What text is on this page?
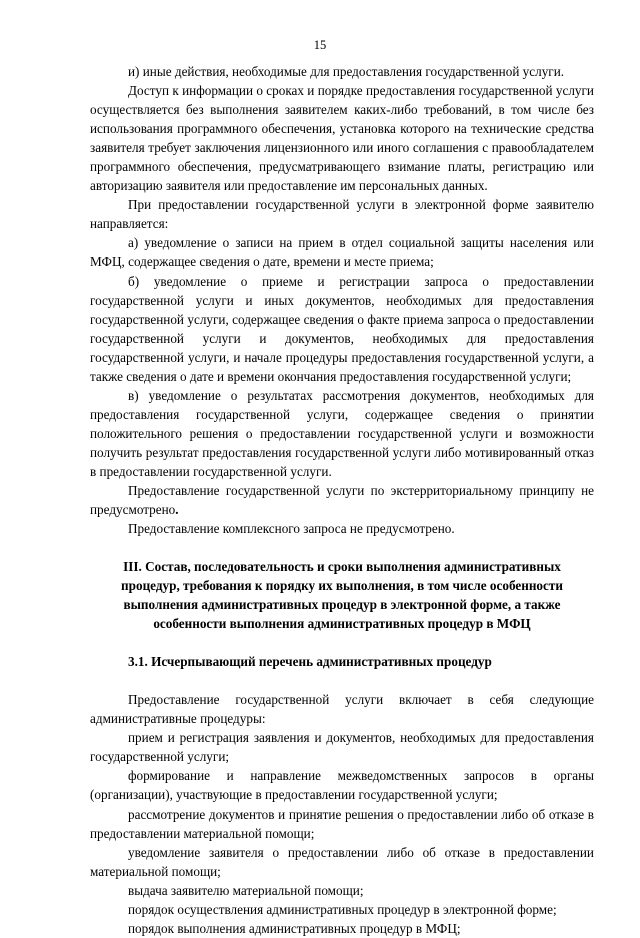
15

и) иные действия, необходимые для предоставления государственной услуги.

Доступ к информации о сроках и порядке предоставления государственной услуги осуществляется без выполнения заявителем каких-либо требований, в том числе без использования программного обеспечения, установка которого на технические средства заявителя требует заключения лицензионного или иного соглашения с правообладателем программного обеспечения, предусматривающего взимание платы, регистрацию или авторизацию заявителя или предоставление им персональных данных.

При предоставлении государственной услуги в электронной форме заявителю направляется:

а) уведомление о записи на прием в отдел социальной защиты населения или МФЦ, содержащее сведения о дате, времени и месте приема;

б) уведомление о приеме и регистрации запроса о предоставлении государственной услуги и иных документов, необходимых для предоставления государственной услуги, содержащее сведения о факте приема запроса о предоставлении государственной услуги и документов, необходимых для предоставления государственной услуги, и начале процедуры предоставления государственной услуги, а также сведения о дате и времени окончания предоставления государственной услуги;

в) уведомление о результатах рассмотрения документов, необходимых для предоставления государственной услуги, содержащее сведения о принятии положительного решения о предоставлении государственной услуги и возможности получить результат предоставления государственной услуги либо мотивированный отказ в предоставлении государственной услуги.

Предоставление государственной услуги по экстерриториальному принципу не предусмотрено.

Предоставление комплексного запроса не предусмотрено.

III. Состав, последовательность и сроки выполнения административных процедур, требования к порядку их выполнения, в том числе особенности выполнения административных процедур в электронной форме, а также особенности выполнения административных процедур в МФЦ

3.1. Исчерпывающий перечень административных процедур

Предоставление государственной услуги включает в себя следующие административные процедуры:

прием и регистрация заявления и документов, необходимых для предоставления государственной услуги;

формирование и направление межведомственных запросов в органы (организации), участвующие в предоставлении государственной услуги;

рассмотрение документов и принятие решения о предоставлении либо об отказе в предоставлении материальной помощи;

уведомление заявителя о предоставлении либо об отказе в предоставлении материальной помощи;

выдача заявителю материальной помощи;

порядок осуществления административных процедур в электронной форме;

порядок выполнения административных процедур в МФЦ;
